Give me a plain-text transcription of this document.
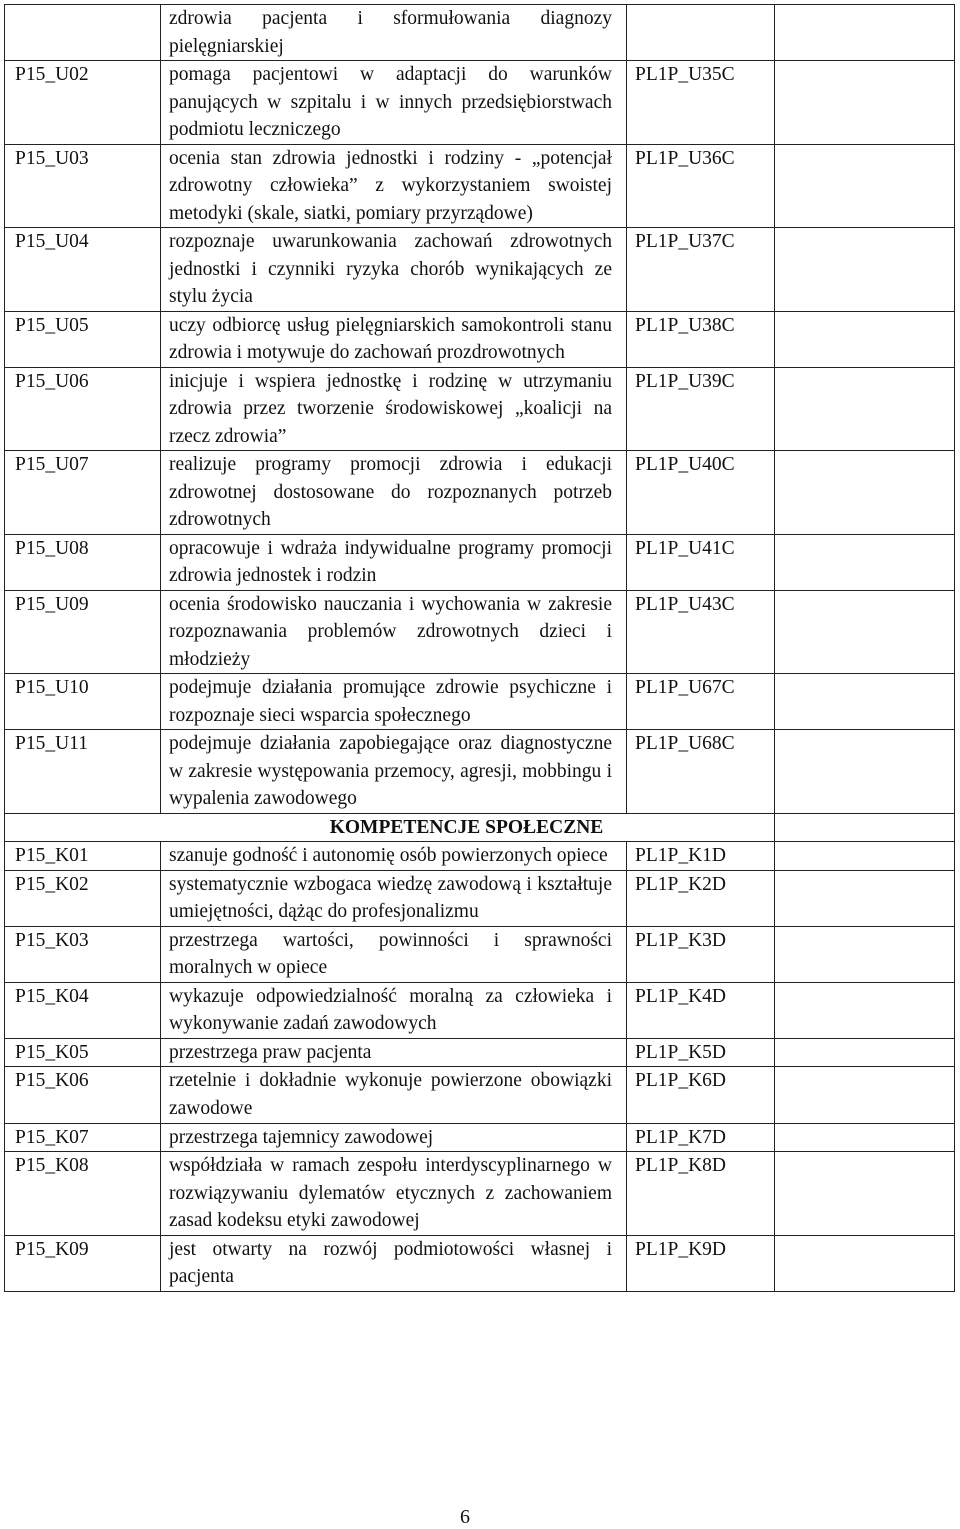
	zdrowia pacjenta i sformułowania diagnozy pielęgniarskiej		
P15_U02	pomaga pacjentowi w adaptacji do warunków panujących w szpitalu i w innych przedsiębiorstwach podmiotu leczniczego	PL1P_U35C	
P15_U03	ocenia stan zdrowia jednostki i rodziny - „potencjał zdrowotny człowieka” z wykorzystaniem swoistej metodyki (skale, siatki, pomiary przyrządowe)	PL1P_U36C	
P15_U04	rozpoznaje uwarunkowania zachowań zdrowotnych jednostki i czynniki ryzyka chorób wynikających ze stylu życia	PL1P_U37C	
P15_U05	uczy odbiorcę usług pielęgniarskich samokontroli stanu zdrowia i motywuje do zachowań prozdrowotnych	PL1P_U38C	
P15_U06	inicjuje i wspiera jednostkę i rodzinę w utrzymaniu zdrowia przez tworzenie środowiskowej „koalicji na rzecz zdrowia”	PL1P_U39C	
P15_U07	realizuje programy promocji zdrowia i edukacji zdrowotnej dostosowane do rozpoznanych potrzeb zdrowotnych	PL1P_U40C	
P15_U08	opracowuje i wdraża indywidualne programy promocji zdrowia jednostek i rodzin	PL1P_U41C	
P15_U09	ocenia środowisko nauczania i wychowania w zakresie rozpoznawania problemów zdrowotnych dzieci i młodzieży	PL1P_U43C	
P15_U10	podejmuje działania promujące zdrowie psychiczne i rozpoznaje sieci wsparcia społecznego	PL1P_U67C	
P15_U11	podejmuje działania zapobiegające oraz diagnostyczne w zakresie występowania przemocy, agresji, mobbingu i wypalenia zawodowego	PL1P_U68C	
KOMPETENCJE SPOŁECZNE			
P15_K01	szanuje godność i autonomię osób powierzonych opiece	PL1P_K1D	
P15_K02	systematycznie wzbogaca wiedzę zawodową i kształtuje umiejętności, dążąc do profesjonalizmu	PL1P_K2D	
P15_K03	przestrzega wartości, powinności i sprawności moralnych w opiece	PL1P_K3D	
P15_K04	wykazuje odpowiedzialność moralną za człowieka i wykonywanie zadań zawodowych	PL1P_K4D	
P15_K05	przestrzega praw pacjenta	PL1P_K5D	
P15_K06	rzetelnie i dokładnie wykonuje powierzone obowiązki zawodowe	PL1P_K6D	
P15_K07	przestrzega tajemnicy zawodowej	PL1P_K7D	
P15_K08	współdziała w ramach zespołu interdyscyplinarnego w rozwiązywaniu dylematów etycznych z zachowaniem zasad kodeksu etyki zawodowej	PL1P_K8D	
P15_K09	jest otwarty na rozwój podmiotowości własnej i pacjenta	PL1P_K9D	
6
